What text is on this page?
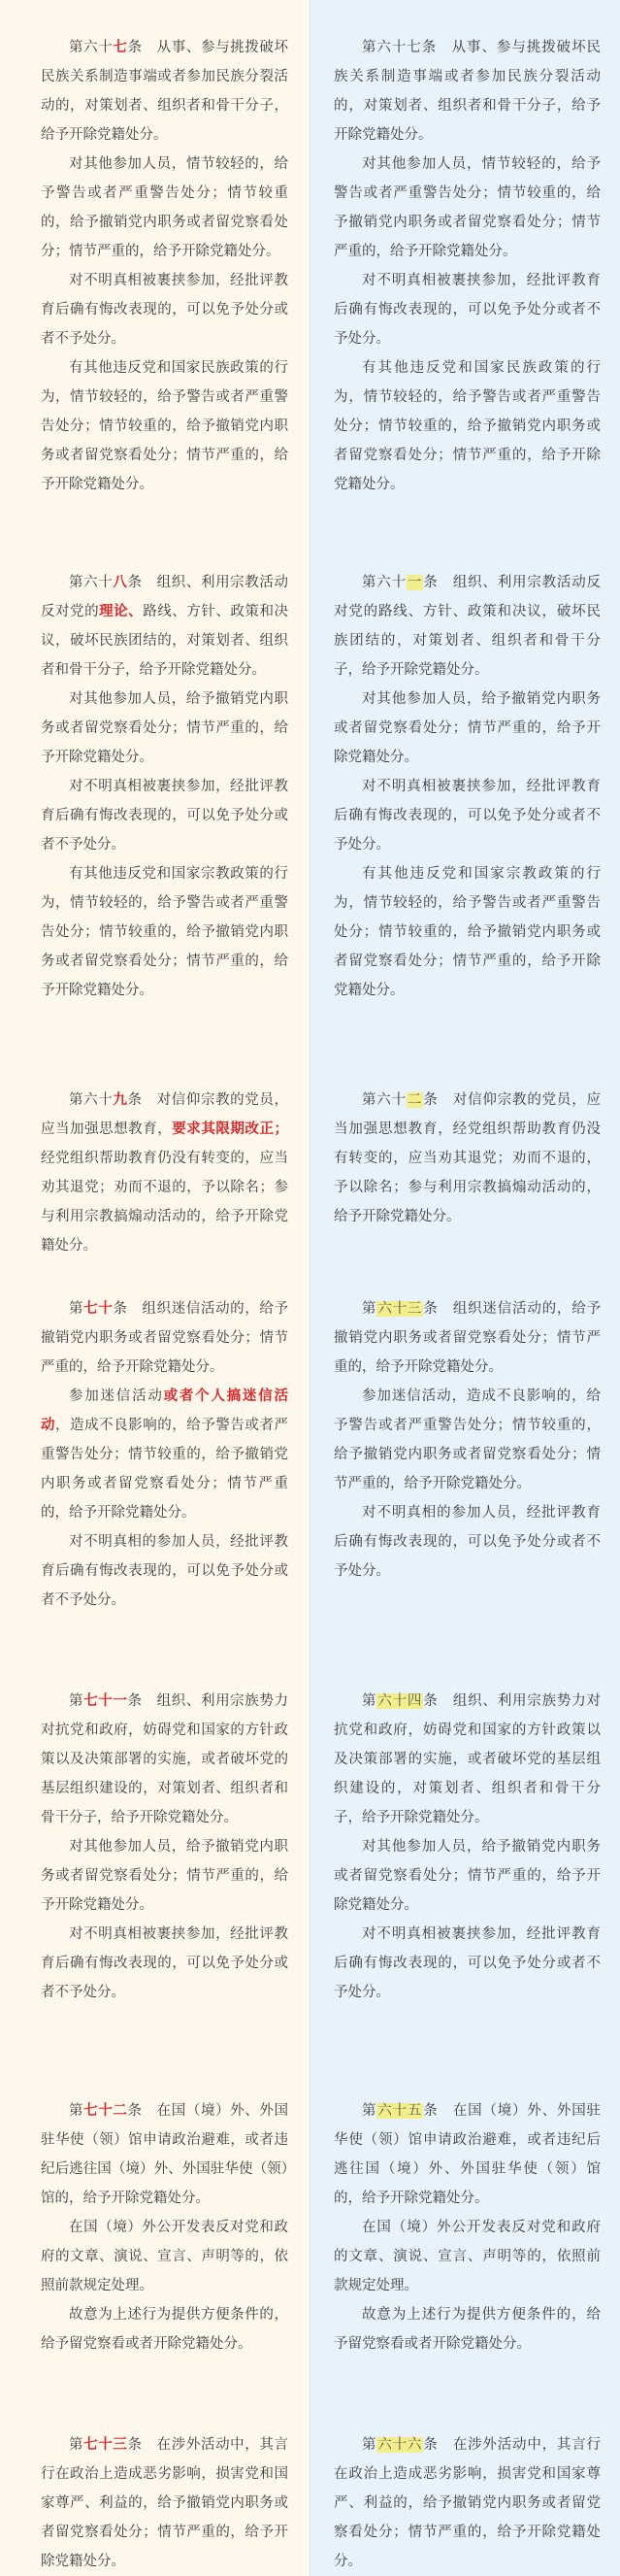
第六十七条　从事、参与挑拨破坏民族关系制造事端或者参加民族分裂活动的，对策划者、组织者和骨干分子，给予开除党籍处分。

对其他参加人员，情节较轻的，给予警告或者严重警告处分；情节较重的，给予撤销党内职务或者留党察看处分；情节严重的，给予开除党籍处分。

对不明真相被裹挟参加，经批评教育后确有悔改表现的，可以免予处分或者不予处分。

有其他违反党和国家民族政策的行为，情节较轻的，给予警告或者严重警告处分；情节较重的，给予撤销党内职务或者留党察看处分；情节严重的，给予开除党籍处分。

第六十八条　组织、利用宗教活动反对党的理论、路线、方针、政策和决议，破坏民族团结的，对策划者、组织者和骨干分子，给予开除党籍处分。

对其他参加人员，给予撤销党内职务或者留党察看处分；情节严重的，给予开除党籍处分。

对不明真相被裹挟参加，经批评教育后确有悔改表现的，可以免予处分或者不予处分。

有其他违反党和国家宗教政策的行为，情节较轻的，给予警告或者严重警告处分；情节较重的，给予撤销党内职务或者留党察看处分；情节严重的，给予开除党籍处分。

第六十九条　对信仰宗教的党员，应当加强思想教育，要求其限期改正；经党组织帮助教育仍没有转变的，应当劝其退党；劝而不退的，予以除名；参与利用宗教搞煽动活动的，给予开除党籍处分。

第七十条　组织迷信活动的，给予撤销党内职务或者留党察看处分；情节严重的，给予开除党籍处分。

参加迷信活动或者个人搞迷信活动，造成不良影响的，给予警告或者严重警告处分；情节较重的，给予撤销党内职务或者留党察看处分；情节严重的，给予开除党籍处分。

对不明真相的参加人员，经批评教育后确有悔改表现的，可以免予处分或者不予处分。

第七十一条　组织、利用宗族势力对抗党和政府，妨碍党和国家的方针政策以及决策部署的实施，或者破坏党的基层组织建设的，对策划者、组织者和骨干分子，给予开除党籍处分。

对其他参加人员，给予撤销党内职务或者留党察看处分；情节严重的，给予开除党籍处分。

对不明真相被裹挟参加，经批评教育后确有悔改表现的，可以免予处分或者不予处分。

第七十二条　在国（境）外、外国驻华使（领）馆申请政治避难，或者违纪后逃往国（境）外、外国驻华使（领）馆的，给予开除党籍处分。

在国（境）外公开发表反对党和政府的文章、演说、宣言、声明等的，依照前款规定处理。

故意为上述行为提供方便条件的，给予留党察看或者开除党籍处分。

第七十三条　在涉外活动中，其言行在政治上造成恶劣影响，损害党和国家尊严、利益的，给予撤销党内职务或者留党察看处分；情节严重的，给予开除党籍处分。

第六十七条　从事、参与挑拨破坏民族关系制造事端或者参加民族分裂活动的，对策划者、组织者和骨干分子，给予开除党籍处分。

对其他参加人员，情节较轻的，给予警告或者严重警告处分；情节较重的，给予撤销党内职务或者留党察看处分；情节严重的，给予开除党籍处分。

对不明真相被裹挟参加，经批评教育后确有悔改表现的，可以免予处分或者不予处分。

有其他违反党和国家民族政策的行为，情节较轻的，给予警告或者严重警告处分；情节较重的，给予撤销党内职务或者留党察看处分；情节严重的，给予开除党籍处分。

第六十一条　组织、利用宗教活动反对党的路线、方针、政策和决议，破坏民族团结的，对策划者、组织者和骨干分子，给予开除党籍处分。

对其他参加人员，给予撤销党内职务或者留党察看处分；情节严重的，给予开除党籍处分。

对不明真相被裹挟参加，经批评教育后确有悔改表现的，可以免予处分或者不予处分。

有其他违反党和国家宗教政策的行为，情节较轻的，给予警告或者严重警告处分；情节较重的，给予撤销党内职务或者留党察看处分；情节严重的，给予开除党籍处分。

第六十二条　对信仰宗教的党员，应当加强思想教育，经党组织帮助教育仍没有转变的，应当劝其退党；劝而不退的，予以除名；参与利用宗教搞煽动活动的，给予开除党籍处分。

第六十三条　组织迷信活动的，给予撤销党内职务或者留党察看处分；情节严重的，给予开除党籍处分。

参加迷信活动，造成不良影响的，给予警告或者严重警告处分；情节较重的，给予撤销党内职务或者留党察看处分；情节严重的，给予开除党籍处分。

对不明真相的参加人员，经批评教育后确有悔改表现的，可以免予处分或者不予处分。

第六十四条　组织、利用宗族势力对抗党和政府，妨碍党和国家的方针政策以及决策部署的实施，或者破坏党的基层组织建设的，对策划者、组织者和骨干分子，给予开除党籍处分。

对其他参加人员，给予撤销党内职务或者留党察看处分；情节严重的，给予开除党籍处分。

对不明真相被裹挟参加，经批评教育后确有悔改表现的，可以免予处分或者不予处分。

第六十五条　在国（境）外、外国驻华使（领）馆申请政治避难，或者违纪后逃往国（境）外、外国驻华使（领）馆的，给予开除党籍处分。

在国（境）外公开发表反对党和政府的文章、演说、宣言、声明等的，依照前款规定处理。

故意为上述行为提供方便条件的，给予留党察看或者开除党籍处分。

第六十六条　在涉外活动中，其言行在政治上造成恶劣影响，损害党和国家尊严、利益的，给予撤销党内职务或者留党察看处分；情节严重的，给予开除党籍处分。
